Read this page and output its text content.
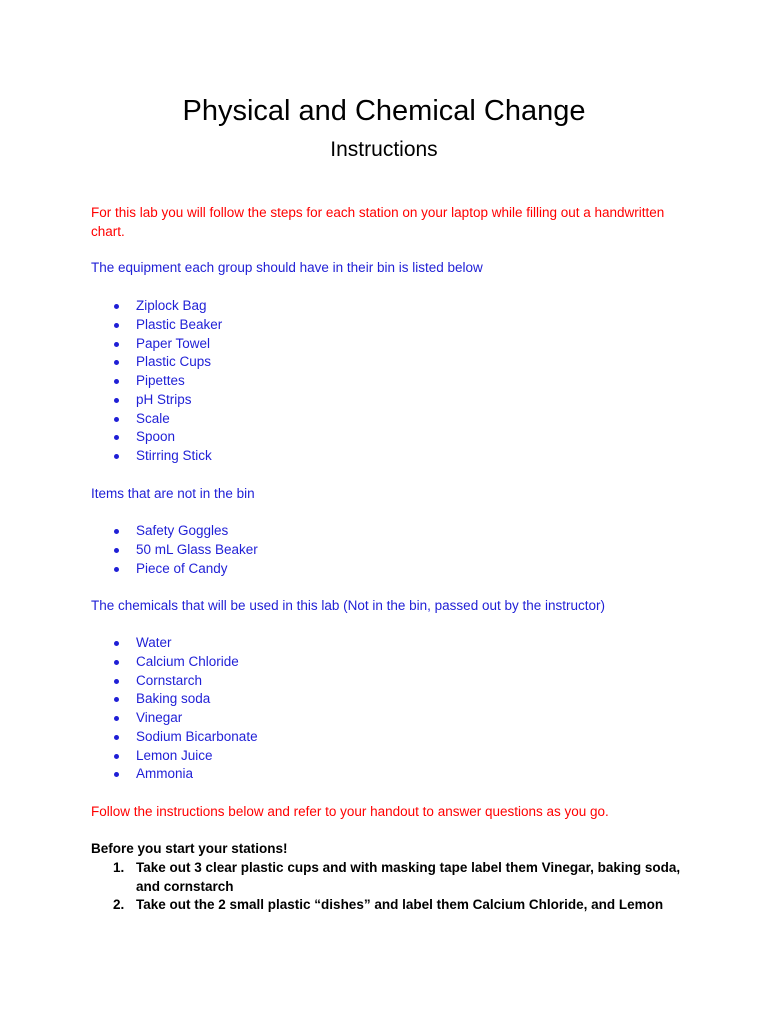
Physical and Chemical Change
Instructions

For this lab you will follow the steps for each station on your laptop while filling out a handwritten chart.

The equipment each group should have in their bin is listed below

Ziplock Bag
Plastic Beaker
Paper Towel
Plastic Cups
Pipettes
pH Strips
Scale
Spoon
Stirring Stick

Items that are not in the bin

Safety Goggles
50 mL Glass Beaker
Piece of Candy

The chemicals that will be used in this lab (Not in the bin, passed out by the instructor)

Water
Calcium Chloride
Cornstarch
Baking soda
Vinegar
Sodium Bicarbonate
Lemon Juice
Ammonia

Follow the instructions below and refer to your handout to answer questions as you go.

Before you start your stations!

1. Take out 3 clear plastic cups and with masking tape label them Vinegar, baking soda, and cornstarch
2. Take out the 2 small plastic “dishes” and label them Calcium Chloride, and Lemon
